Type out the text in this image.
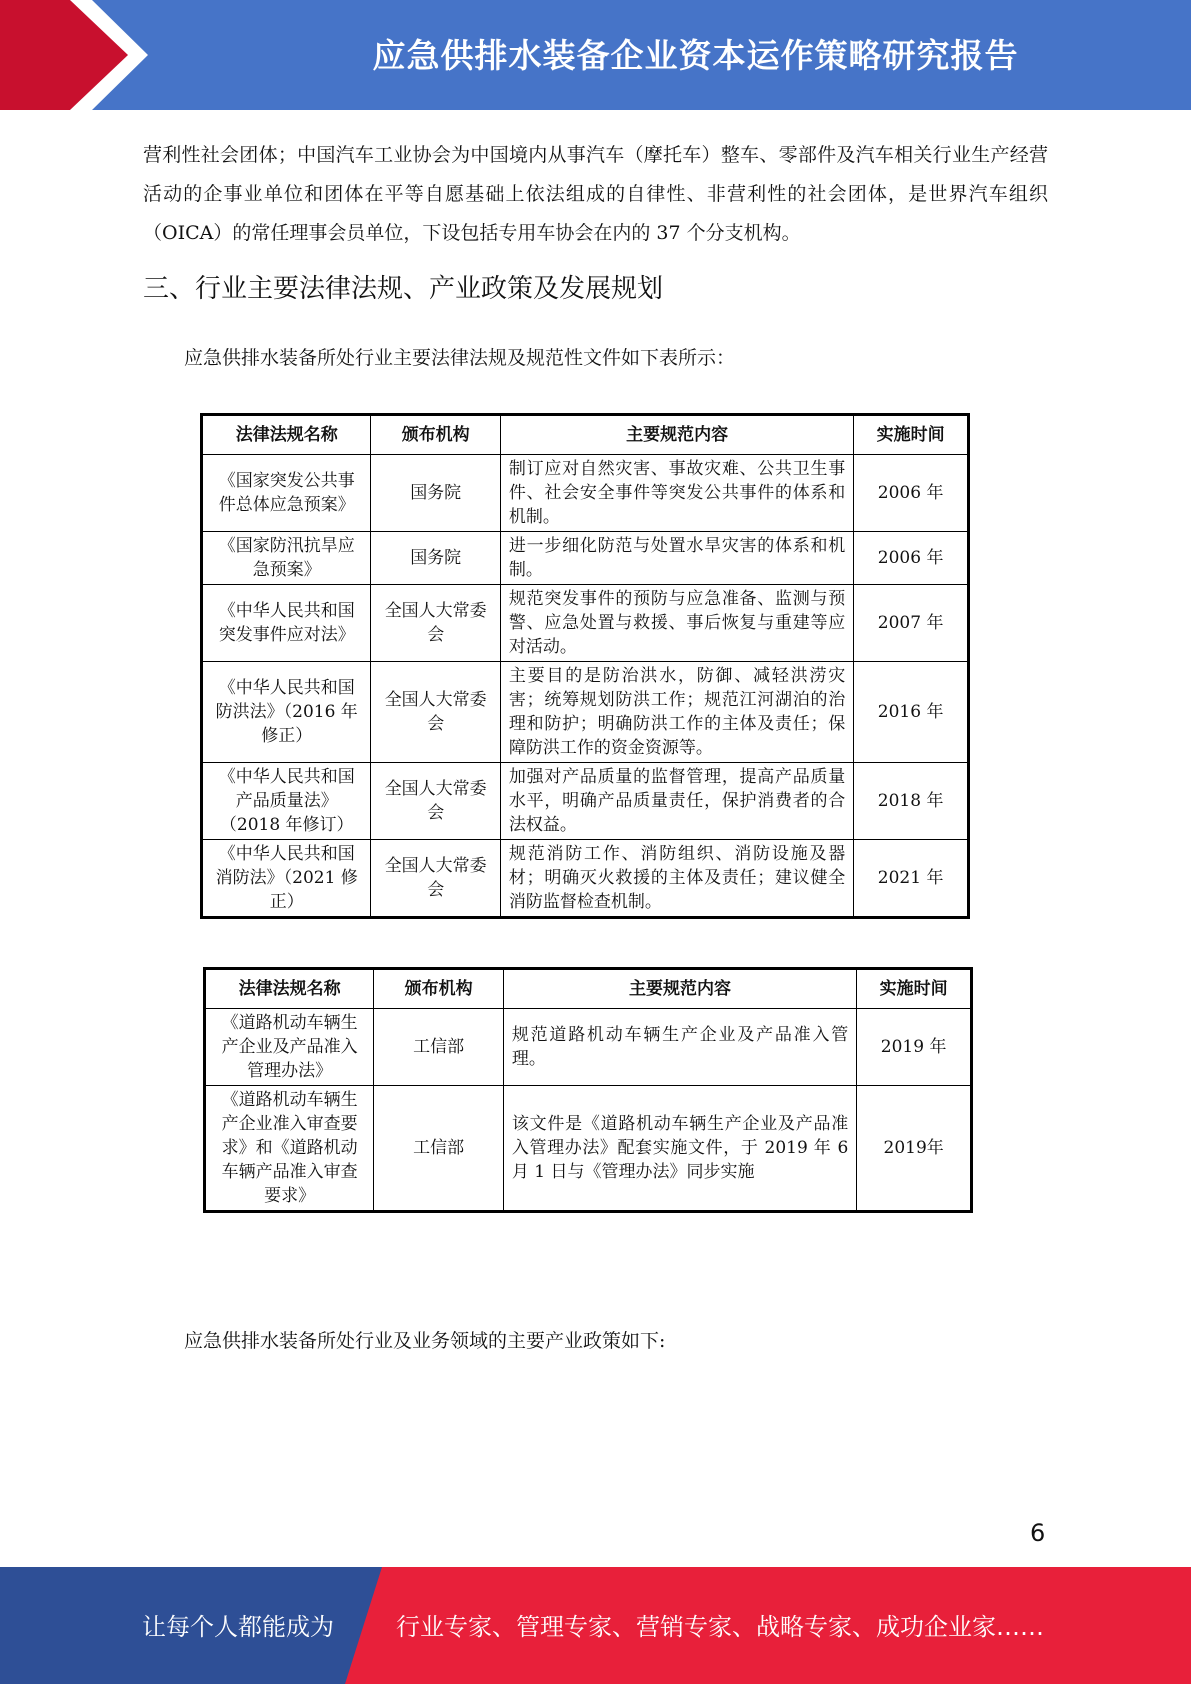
应急供排水装备企业资本运作策略研究报告
营利性社会团体；中国汽车工业协会为中国境内从事汽车（摩托车）整车、零部件及汽车相关行业生产经营活动的企事业单位和团体在平等自愿基础上依法组成的自律性、非营利性的社会团体，是世界汽车组织（OICA）的常任理事会员单位，下设包括专用车协会在内的 37 个分支机构。
三、行业主要法律法规、产业政策及发展规划
应急供排水装备所处行业主要法律法规及规范性文件如下表所示：
法律法规名称	颁布机构	主要规范内容	实施时间
《国家突发公共事件总体应急预案》	国务院	制订应对自然灾害、事故灾难、公共卫生事件、社会安全事件等突发公共事件的体系和机制。	2006 年
《国家防汛抗旱应急预案》	国务院	进一步细化防范与处置水旱灾害的体系和机制。	2006 年
《中华人民共和国突发事件应对法》	全国人大常委会	规范突发事件的预防与应急准备、监测与预警、应急处置与救援、事后恢复与重建等应对活动。	2007 年
《中华人民共和国防洪法》（2016 年修正）	全国人大常委会	主要目的是防治洪水，防御、减轻洪涝灾害；统筹规划防洪工作；规范江河湖泊的治理和防护；明确防洪工作的主体及责任；保障防洪工作的资金资源等。	2016 年
《中华人民共和国产品质量法》（2018 年修订）	全国人大常委会	加强对产品质量的监督管理，提高产品质量水平，明确产品质量责任，保护消费者的合法权益。	2018 年
《中华人民共和国消防法》（2021 修正）	全国人大常委会	规范消防工作、消防组织、消防设施及器材；明确灭火救援的主体及责任；建议健全消防监督检查机制。	2021 年
法律法规名称	颁布机构	主要规范内容	实施时间
《道路机动车辆生产企业及产品准入管理办法》	工信部	规范道路机动车辆生产企业及产品准入管理。	2019 年
《道路机动车辆生产企业准入审查要求》和《道路机动车辆产品准入审查要求》	工信部	该文件是《道路机动车辆生产企业及产品准入管理办法》配套实施文件，于 2019 年 6 月 1 日与《管理办法》同步实施	2019年
应急供排水装备所处行业及业务领域的主要产业政策如下:
6
让每个人都能成为	行业专家、管理专家、营销专家、战略专家、成功企业家……
